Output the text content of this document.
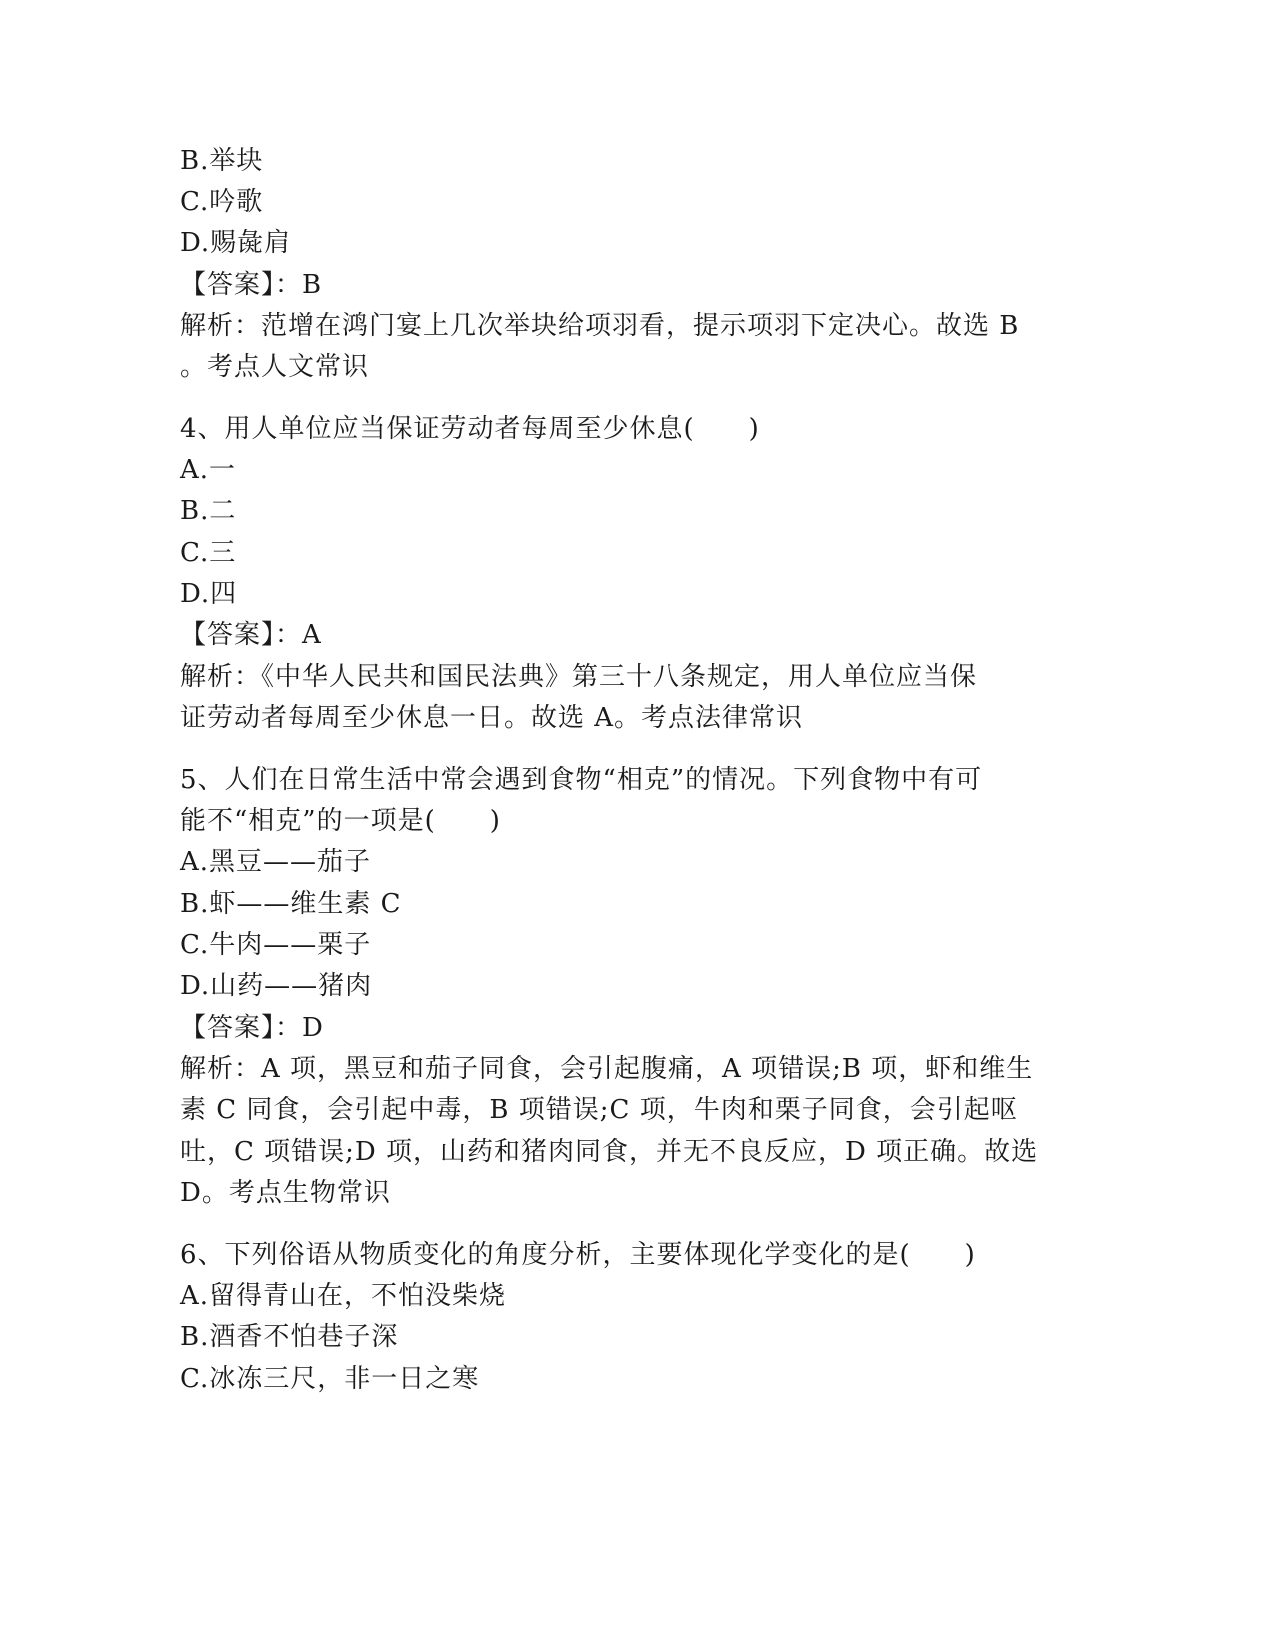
B.举块
C.吟歌
D.赐彘肩
【答案】：B
解析：范增在鸿门宴上几次举块给项羽看，提示项羽下定决心。故选 B
。考点人文常识
4、用人单位应当保证劳动者每周至少休息(　　)
A.一
B.二
C.三
D.四
【答案】：A
解析：《中华人民共和国民法典》第三十八条规定，用人单位应当保
证劳动者每周至少休息一日。故选 A。考点法律常识
5、人们在日常生活中常会遇到食物“相克”的情况。下列食物中有可
能不“相克”的一项是(　　)
A.黑豆——茄子
B.虾——维生素 C
C.牛肉——栗子
D.山药——猪肉
【答案】：D
解析：A 项，黑豆和茄子同食，会引起腹痛，A 项错误;B 项，虾和维生
素 C 同食，会引起中毒，B 项错误;C 项，牛肉和栗子同食，会引起呕
吐，C 项错误;D 项，山药和猪肉同食，并无不良反应，D 项正确。故选
D。考点生物常识
6、下列俗语从物质变化的角度分析，主要体现化学变化的是(　　)
A.留得青山在，不怕没柴烧
B.酒香不怕巷子深
C.冰冻三尺，非一日之寒
